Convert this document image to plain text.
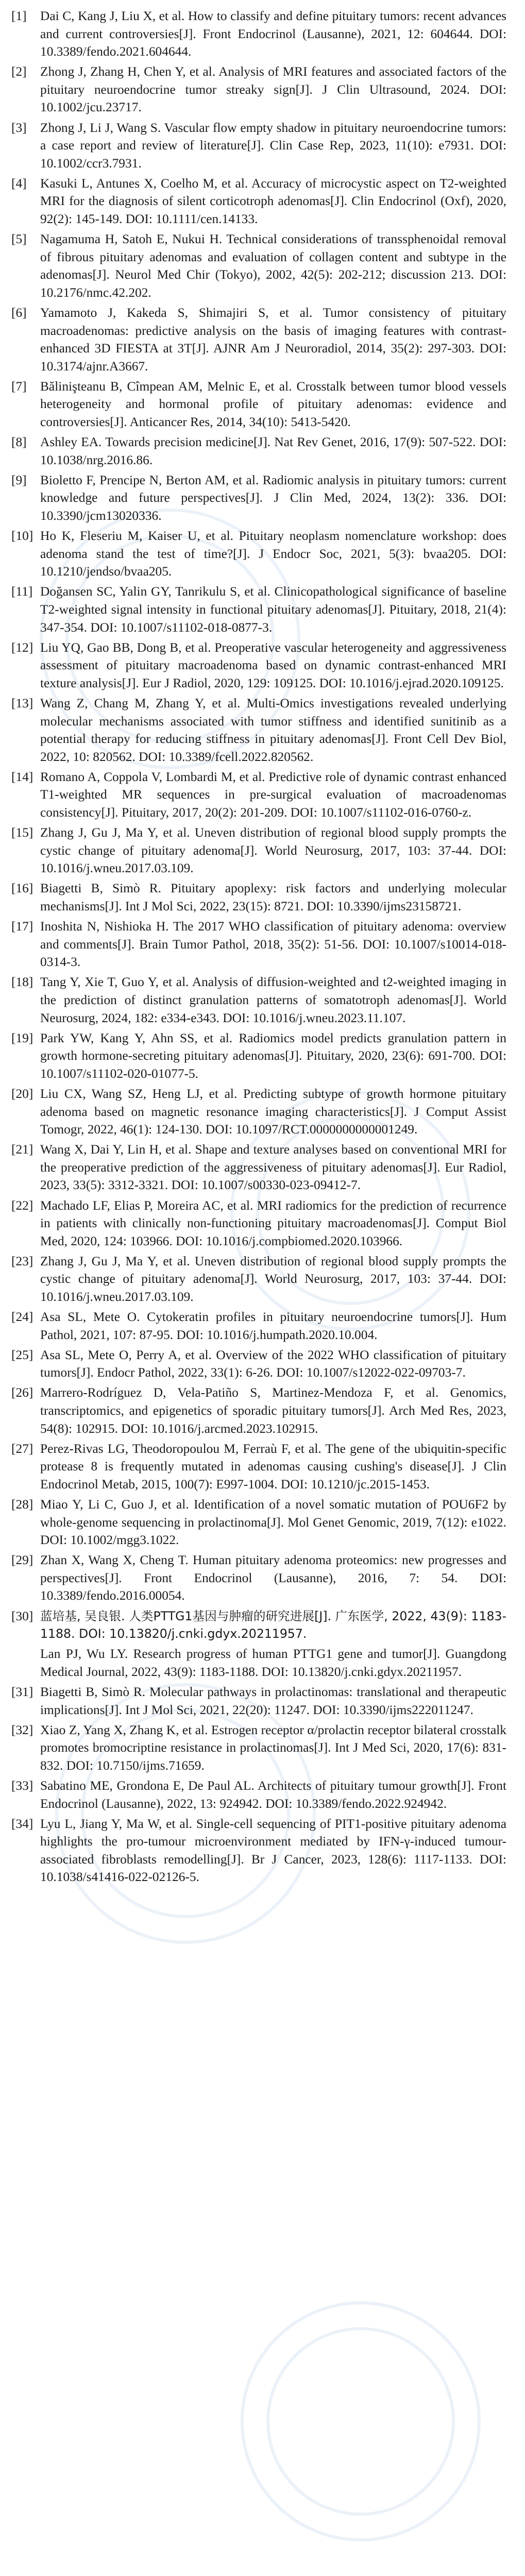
[1]	Dai C, Kang J, Liu X, et al. How to classify and define pituitary tumors: recent advances and current controversies[J]. Front Endocrinol (Lausanne), 2021, 12: 604644. DOI: 10.3389/fendo.2021.604644.
[2]	Zhong J, Zhang H, Chen Y, et al. Analysis of MRI features and associated factors of the pituitary neuroendocrine tumor streaky sign[J]. J Clin Ultrasound, 2024. DOI: 10.1002/jcu.23717.
[3]	Zhong J, Li J, Wang S. Vascular flow empty shadow in pituitary neuroendocrine tumors: a case report and review of literature[J]. Clin Case Rep, 2023, 11(10): e7931. DOI: 10.1002/ccr3.7931.
[4]	Kasuki L, Antunes X, Coelho M, et al. Accuracy of microcystic aspect on T2-weighted MRI for the diagnosis of silent corticotroph adenomas[J]. Clin Endocrinol (Oxf), 2020, 92(2): 145-149. DOI: 10.1111/cen.14133.
[5]	Nagamuma H, Satoh E, Nukui H. Technical considerations of transsphenoidal removal of fibrous pituitary adenomas and evaluation of collagen content and subtype in the adenomas[J]. Neurol Med Chir (Tokyo), 2002, 42(5): 202-212; discussion 213. DOI: 10.2176/nmc.42.202.
[6]	Yamamoto J, Kakeda S, Shimajiri S, et al. Tumor consistency of pituitary macroadenomas: predictive analysis on the basis of imaging features with contrast-enhanced 3D FIESTA at 3T[J]. AJNR Am J Neuroradiol, 2014, 35(2): 297-303. DOI: 10.3174/ajnr.A3667.
[7]	Bălinişteanu B, Cîmpean AM, Melnic E, et al. Crosstalk between tumor blood vessels heterogeneity and hormonal profile of pituitary adenomas: evidence and controversies[J]. Anticancer Res, 2014, 34(10): 5413-5420.
[8]	Ashley EA. Towards precision medicine[J]. Nat Rev Genet, 2016, 17(9): 507-522. DOI: 10.1038/nrg.2016.86.
[9]	Bioletto F, Prencipe N, Berton AM, et al. Radiomic analysis in pituitary tumors: current knowledge and future perspectives[J]. J Clin Med, 2024, 13(2): 336. DOI: 10.3390/jcm13020336.
[10] Ho K, Fleseriu M, Kaiser U, et al. Pituitary neoplasm nomenclature workshop: does adenoma stand the test of time?[J]. J Endocr Soc, 2021, 5(3): bvaa205. DOI: 10.1210/jendso/bvaa205.
[11] Doğansen SC, Yalin GY, Tanrikulu S, et al. Clinicopathological significance of baseline T2-weighted signal intensity in functional pituitary adenomas[J]. Pituitary, 2018, 21(4): 347-354. DOI: 10.1007/s11102-018-0877-3.
[12] Liu YQ, Gao BB, Dong B, et al. Preoperative vascular heterogeneity and aggressiveness assessment of pituitary macroadenoma based on dynamic contrast-enhanced MRI texture analysis[J]. Eur J Radiol, 2020, 129: 109125. DOI: 10.1016/j.ejrad.2020.109125.
[13] Wang Z, Chang M, Zhang Y, et al. Multi-Omics investigations revealed underlying molecular mechanisms associated with tumor stiffness and identified sunitinib as a potential therapy for reducing stiffness in pituitary adenomas[J]. Front Cell Dev Biol, 2022, 10: 820562. DOI: 10.3389/fcell.2022.820562.
[14] Romano A, Coppola V, Lombardi M, et al. Predictive role of dynamic contrast enhanced T1-weighted MR sequences in pre-surgical evaluation of macroadenomas consistency[J]. Pituitary, 2017, 20(2): 201-209. DOI: 10.1007/s11102-016-0760-z.
[15] Zhang J, Gu J, Ma Y, et al. Uneven distribution of regional blood supply prompts the cystic change of pituitary adenoma[J]. World Neurosurg, 2017, 103: 37-44. DOI: 10.1016/j.wneu.2017.03.109.
[16] Biagetti B, Simò R. Pituitary apoplexy: risk factors and underlying molecular mechanisms[J]. Int J Mol Sci, 2022, 23(15): 8721. DOI: 10.3390/ijms23158721.
[17] Inoshita N, Nishioka H. The 2017 WHO classification of pituitary adenoma: overview and comments[J]. Brain Tumor Pathol, 2018, 35(2): 51-56. DOI: 10.1007/s10014-018-0314-3.
[18] Tang Y, Xie T, Guo Y, et al. Analysis of diffusion-weighted and t2-weighted imaging in the prediction of distinct granulation patterns of somatotroph adenomas[J]. World Neurosurg, 2024, 182: e334-e343. DOI: 10.1016/j.wneu.2023.11.107.
[19] Park YW, Kang Y, Ahn SS, et al. Radiomics model predicts granulation pattern in growth hormone-secreting pituitary adenomas[J]. Pituitary, 2020, 23(6): 691-700. DOI: 10.1007/s11102-020-01077-5.
[20] Liu CX, Wang SZ, Heng LJ, et al. Predicting subtype of growth hormone pituitary adenoma based on magnetic resonance imaging characteristics[J]. J Comput Assist Tomogr, 2022, 46(1): 124-130. DOI: 10.1097/RCT.0000000000001249.
[21] Wang X, Dai Y, Lin H, et al. Shape and texture analyses based on conventional MRI for the preoperative prediction of the aggressiveness of pituitary adenomas[J]. Eur Radiol, 2023, 33(5): 3312-3321. DOI: 10.1007/s00330-023-09412-7.
[22] Machado LF, Elias P, Moreira AC, et al. MRI radiomics for the prediction of recurrence in patients with clinically non-functioning pituitary macroadenomas[J]. Comput Biol Med, 2020, 124: 103966. DOI: 10.1016/j.compbiomed.2020.103966.
[23] Zhang J, Gu J, Ma Y, et al. Uneven distribution of regional blood supply prompts the cystic change of pituitary adenoma[J]. World Neurosurg, 2017, 103: 37-44. DOI: 10.1016/j.wneu.2017.03.109.
[24] Asa SL, Mete O. Cytokeratin profiles in pituitary neuroendocrine tumors[J]. Hum Pathol, 2021, 107: 87-95. DOI: 10.1016/j.humpath.2020.10.004.
[25] Asa SL, Mete O, Perry A, et al. Overview of the 2022 WHO classification of pituitary tumors[J]. Endocr Pathol, 2022, 33(1): 6-26. DOI: 10.1007/s12022-022-09703-7.
[26] Marrero-Rodríguez D, Vela-Patiño S, Martinez-Mendoza F, et al. Genomics, transcriptomics, and epigenetics of sporadic pituitary tumors[J]. Arch Med Res, 2023, 54(8): 102915. DOI: 10.1016/j.arcmed.2023.102915.
[27] Perez-Rivas LG, Theodoropoulou M, Ferraù F, et al. The gene of the ubiquitin-specific protease 8 is frequently mutated in adenomas causing cushing's disease[J]. J Clin Endocrinol Metab, 2015, 100(7): E997-1004. DOI: 10.1210/jc.2015-1453.
[28] Miao Y, Li C, Guo J, et al. Identification of a novel somatic mutation of POU6F2 by whole-genome sequencing in prolactinoma[J]. Mol Genet Genomic, 2019, 7(12): e1022. DOI: 10.1002/mgg3.1022.
[29] Zhan X, Wang X, Cheng T. Human pituitary adenoma proteomics: new progresses and perspectives[J]. Front Endocrinol (Lausanne), 2016, 7: 54. DOI: 10.3389/fendo.2016.00054.
[30] 蓝培基, 吴良银. 人类PTTG1基因与肿瘤的研究进展[J]. 广东医学, 2022, 43(9): 1183-1188. DOI: 10.13820/j.cnki.gdyx.20211957.
Lan PJ, Wu LY. Research progress of human PTTG1 gene and tumor[J]. Guangdong Medical Journal, 2022, 43(9): 1183-1188. DOI: 10.13820/j.cnki.gdyx.20211957.
[31] Biagetti B, Simò R. Molecular pathways in prolactinomas: translational and therapeutic implications[J]. Int J Mol Sci, 2021, 22(20): 11247. DOI: 10.3390/ijms222011247.
[32] Xiao Z, Yang X, Zhang K, et al. Estrogen receptor α/prolactin receptor bilateral crosstalk promotes bromocriptine resistance in prolactinomas[J]. Int J Med Sci, 2020, 17(6): 831-832. DOI: 10.7150/ijms.71659.
[33] Sabatino ME, Grondona E, De Paul AL. Architects of pituitary tumour growth[J]. Front Endocrinol (Lausanne), 2022, 13: 924942. DOI: 10.3389/fendo.2022.924942.
[34] Lyu L, Jiang Y, Ma W, et al. Single-cell sequencing of PIT1-positive pituitary adenoma highlights the pro-tumour microenvironment mediated by IFN-γ-induced tumour-associated fibroblasts remodelling[J]. Br J Cancer, 2023, 128(6): 1117-1133. DOI: 10.1038/s41416-022-02126-5.
